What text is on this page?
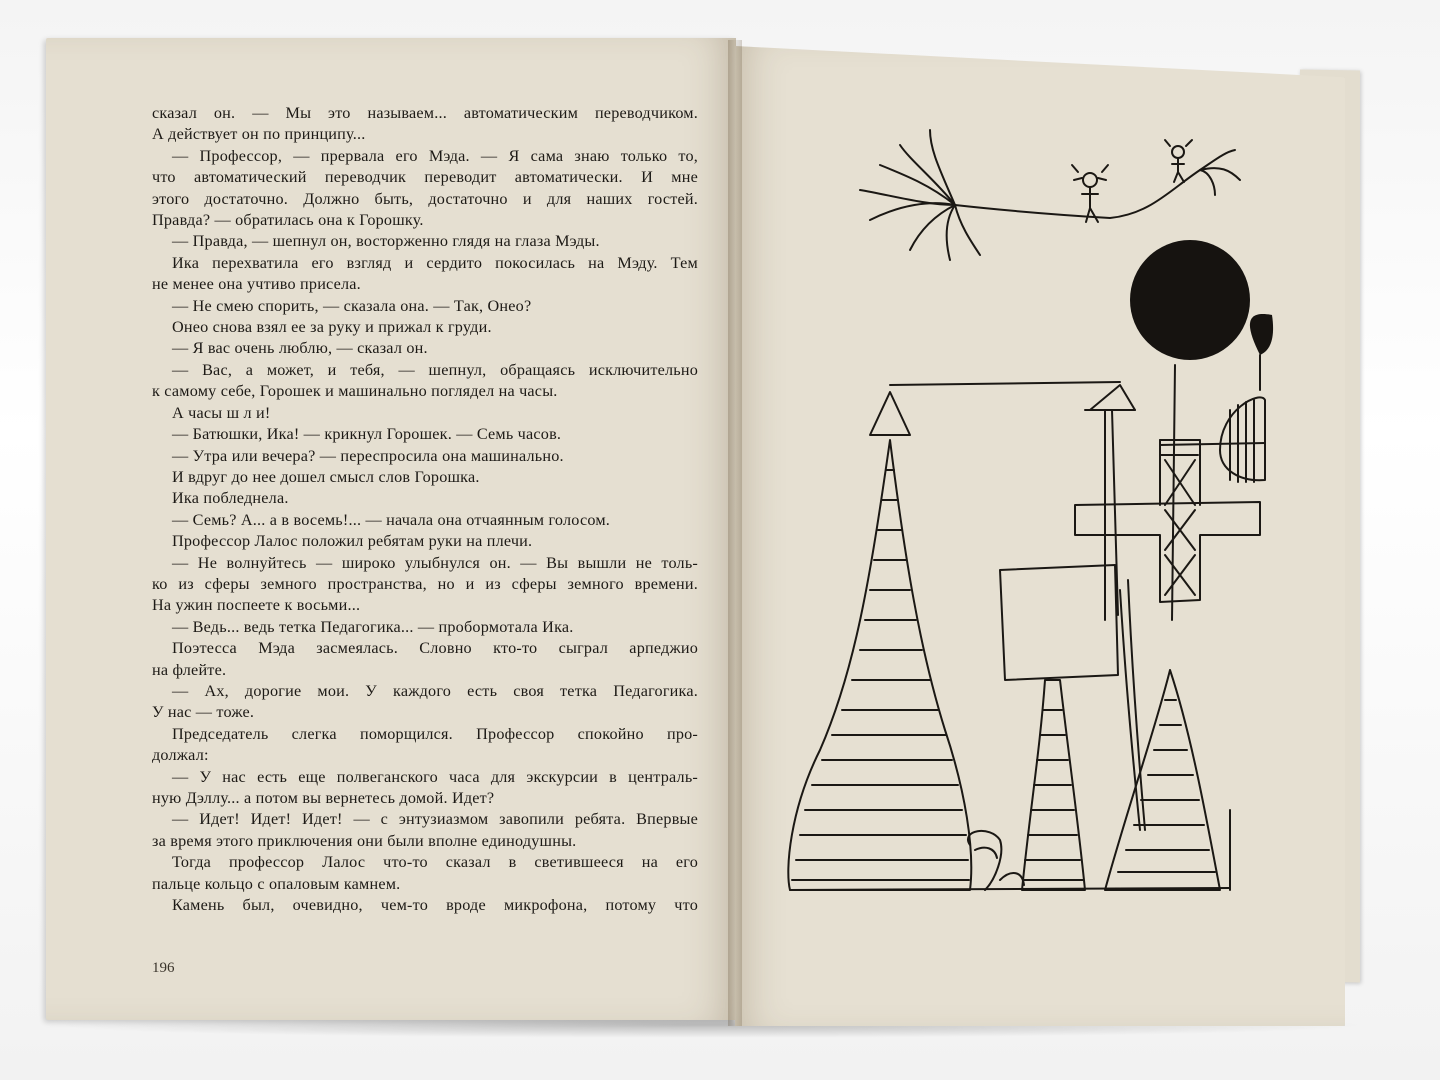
сказал он. — Мы это называем... автоматическим переводчиком.
А действует он по принципу...
— Профессор, — прервала его Мэда. — Я сама знаю только то,
что автоматический переводчик переводит автоматически. И мне
этого достаточно. Должно быть, достаточно и для наших гостей.
Правда? — обратилась она к Горошку.
— Правда, — шепнул он, восторженно глядя на глаза Мэды.
Ика перехватила его взгляд и сердито покосилась на Мэду. Тем
не менее она учтиво присела.
— Не смею спорить, — сказала она. — Так, Онео?
Онео снова взял ее за руку и прижал к груди.
— Я вас очень люблю, — сказал он.
— Вас, а может, и тебя, — шепнул, обращаясь исключительно
к самому себе, Горошек и машинально поглядел на часы.
А часы ш л и!
— Батюшки, Ика! — крикнул Горошек. — Семь часов.
— Утра или вечера? — переспросила она машинально.
И вдруг до нее дошел смысл слов Горошка.
Ика побледнела.
— Семь? А... а в восемь!... — начала она отчаянным голосом.
Профессор Лалос положил ребятам руки на плечи.
— Не волнуйтесь — широко улыбнулся он. — Вы вышли не толь-
ко из сферы земного пространства, но и из сферы земного времени.
На ужин поспеете к восьми...
— Ведь... ведь тетка Педагогика... — пробормотала Ика.
Поэтесса Мэда засмеялась. Словно кто-то сыграл арпеджио
на флейте.
— Ах, дорогие мои. У каждого есть своя тетка Педагогика.
У нас — тоже.
Председатель слегка поморщился. Профессор спокойно про-
должал:
— У нас есть еще полвеганского часа для экскурсии в централь-
ную Дэллу... а потом вы вернетесь домой. Идет?
— Идет! Идет! Идет! — с энтузиазмом завопили ребята. Впервые
за время этого приключения они были вполне единодушны.
Тогда профессор Лалос что-то сказал в светившееся на его
пальце кольцо с опаловым камнем.
Камень был, очевидно, чем-то вроде микрофона, потому что
196
